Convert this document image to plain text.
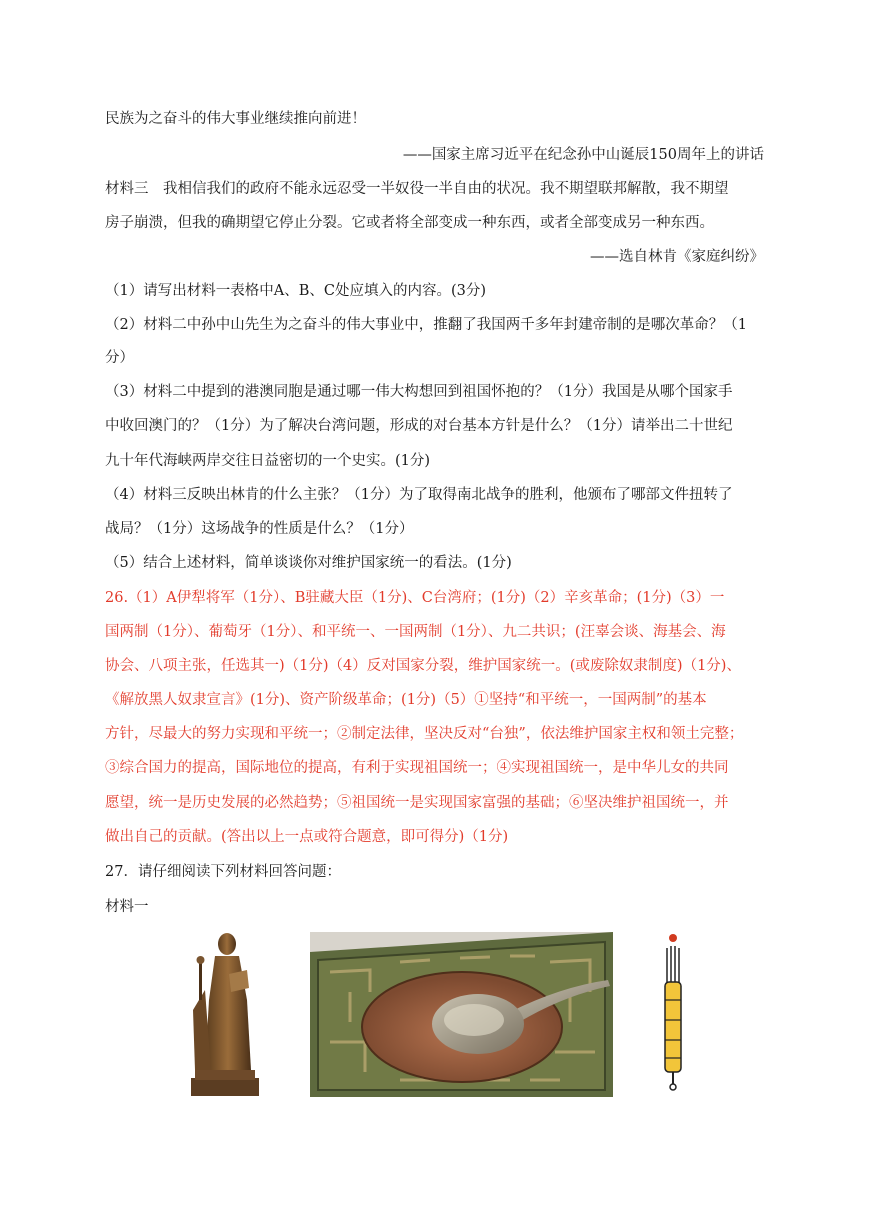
民族为之奋斗的伟大事业继续推向前进！
——国家主席习近平在纪念孙中山诞辰150周年上的讲话
材料三　我相信我们的政府不能永远忍受一半奴役一半自由的状况。我不期望联邦解散，我不期望
房子崩溃，但我的确期望它停止分裂。它或者将全部变成一种东西，或者全部变成另一种东西。
——选自林肯《家庭纠纷》
（1）请写出材料一表格中A、B、C处应填入的内容。(3分)
（2）材料二中孙中山先生为之奋斗的伟大事业中，推翻了我国两千多年封建帝制的是哪次革命？（1
分）
（3）材料二中提到的港澳同胞是通过哪一伟大构想回到祖国怀抱的？（1分）我国是从哪个国家手
中收回澳门的？（1分）为了解决台湾问题，形成的对台基本方针是什么？（1分）请举出二十世纪
九十年代海峡两岸交往日益密切的一个史实。(1分)
（4）材料三反映出林肯的什么主张？（1分）为了取得南北战争的胜利，他颁布了哪部文件扭转了
战局？（1分）这场战争的性质是什么？（1分）
（5）结合上述材料，简单谈谈你对维护国家统一的看法。(1分)
26.（1）A伊犁将军（1分）、B驻藏大臣（1分)、C台湾府；(1分)（2）辛亥革命；(1分)（3）一
国两制（1分）、葡萄牙（1分）、和平统一、一国两制（1分）、九二共识；(汪辜会谈、海基会、海
协会、八项主张，任选其一)（1分)（4）反对国家分裂，维护国家统一。(或废除奴隶制度)（1分)、
《解放黑人奴隶宣言》(1分)、资产阶级革命；(1分)（5）①坚持“和平统一，一国两制”的基本
方针，尽最大的努力实现和平统一；②制定法律，坚决反对“台独”，依法维护国家主权和领土完整；
③综合国力的提高，国际地位的提高，有利于实现祖国统一；④实现祖国统一，是中华儿女的共同
愿望，统一是历史发展的必然趋势；⑤祖国统一是实现国家富强的基础；⑥坚决维护祖国统一，并
做出自己的贡献。(答出以上一点或符合题意，即可得分)（1分)
27．请仔细阅读下列材料回答问题：
材料一
